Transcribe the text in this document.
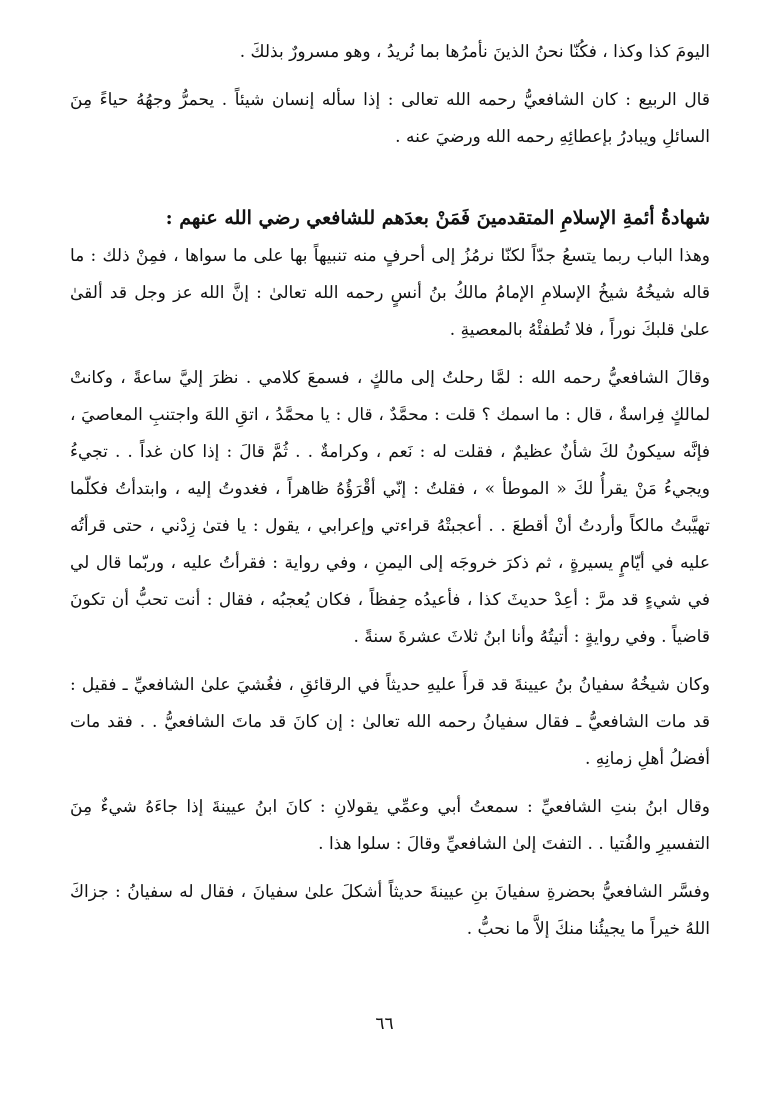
اليومَ كذا وكذا ، فكُنّا نحنُ الذينَ نأمرُها بما نُريدُ ، وهو مسرورٌ بذلكَ .

قال الربيع : كان الشافعيُّ رحمه الله تعالى : إذا سأله إنسان شيئاً . يحمرُّ وجهُهُ حياءً مِنَ السائلِ ويبادرُ بإعطائِهِ رحمه الله ورضيَ عنه .

شهادةُ أئمةِ الإسلامِ المتقدمينَ فَمَنْ بعدَهم للشافعي رضي الله عنهم :

وهذا الباب ربما يتسعُ جدّاً لكنّا نرمُزُ إلى أحرفٍ منه تنبيهاً بها على ما سواها ، فمِنْ ذلك : ما قاله شيخُهُ شيخُ الإسلامِ الإمامُ مالكُ بنُ أنسٍ رحمه الله تعالىٰ : إنَّ الله عز وجل قد ألقىٰ علىٰ قلبكَ نوراً ، فلا تُطفئْهُ بالمعصيةِ .

وقالَ الشافعيُّ رحمه الله : لمَّا رحلتُ إلى مالكٍ ، فسمعَ كلامي . نظرَ إليَّ ساعةً ، وكانتْ لمالكٍ فِراسةٌ ، قال : ما اسمك ؟ قلت : محمَّدٌ ، قال : يا محمَّدُ ، اتقِ اللهَ واجتنبِ المعاصيَ ، فإنَّه سيكونُ لكَ شأنٌ عظيمٌ ، فقلت له : نَعم ، وكرامةٌ . . ثُمَّ قالَ : إذا كان غداً . . تجيءُ ويجيءُ مَنْ يقرأُ لكَ « الموطأ » ، فقلتُ : إنّي أقْرَؤُهُ ظاهراً ، فغدوتُ إليه ، وابتدأتُ فكلّما تهيَّبتُ مالكاً وأردتُ أنْ أقطعَ . . أعجبتْهُ قراءتي وإعرابي ، يقول : يا فتىٰ زِدْني ، حتى قرأتُه عليه في أيّامٍ يسيرةٍ ، ثم ذكرَ خروجَه إلى اليمنِ ، وفي رواية : فقرأتُ عليه ، وربّما قال لي في شيءٍ قد مرَّ : أعِدْ حديثَ كذا ، فأعيدُه حِفظاً ، فكان يُعجبُه ، فقال : أنت تحبُّ أن تكونَ قاضياً . وفي روايةٍ : أتيتُهُ وأنا ابنُ ثلاثَ عشرةَ سنةً .

وكان شيخُهُ سفيانُ بنُ عيينةَ قد قرأَ عليهِ حديثاً في الرقائقِ ، فغُشيَ علىٰ الشافعيِّ ـ فقيل : قد مات الشافعيُّ ـ فقال سفيانُ رحمه الله تعالىٰ : إن كانَ قد ماتَ الشافعيُّ . . فقد مات أفضلُ أهلِ زمانِهِ .

وقال ابنُ بنتِ الشافعيِّ : سمعتُ أبي وعمِّي يقولانِ : كانَ ابنُ عيينةَ إذا جاءَهُ شيءٌ مِنَ التفسيرِ والفُتيا . . التفتَ إلىٰ الشافعيِّ وقالَ : سلوا هذا .

وفسَّر الشافعيُّ بحضرةِ سفيانَ بنِ عيينةَ حديثاً أشكلَ علىٰ سفيانَ ، فقال له سفيانُ : جزاكَ اللهُ خيراً ما يجيئُنا منكَ إلاَّ ما نحبُّ .

٦٦
